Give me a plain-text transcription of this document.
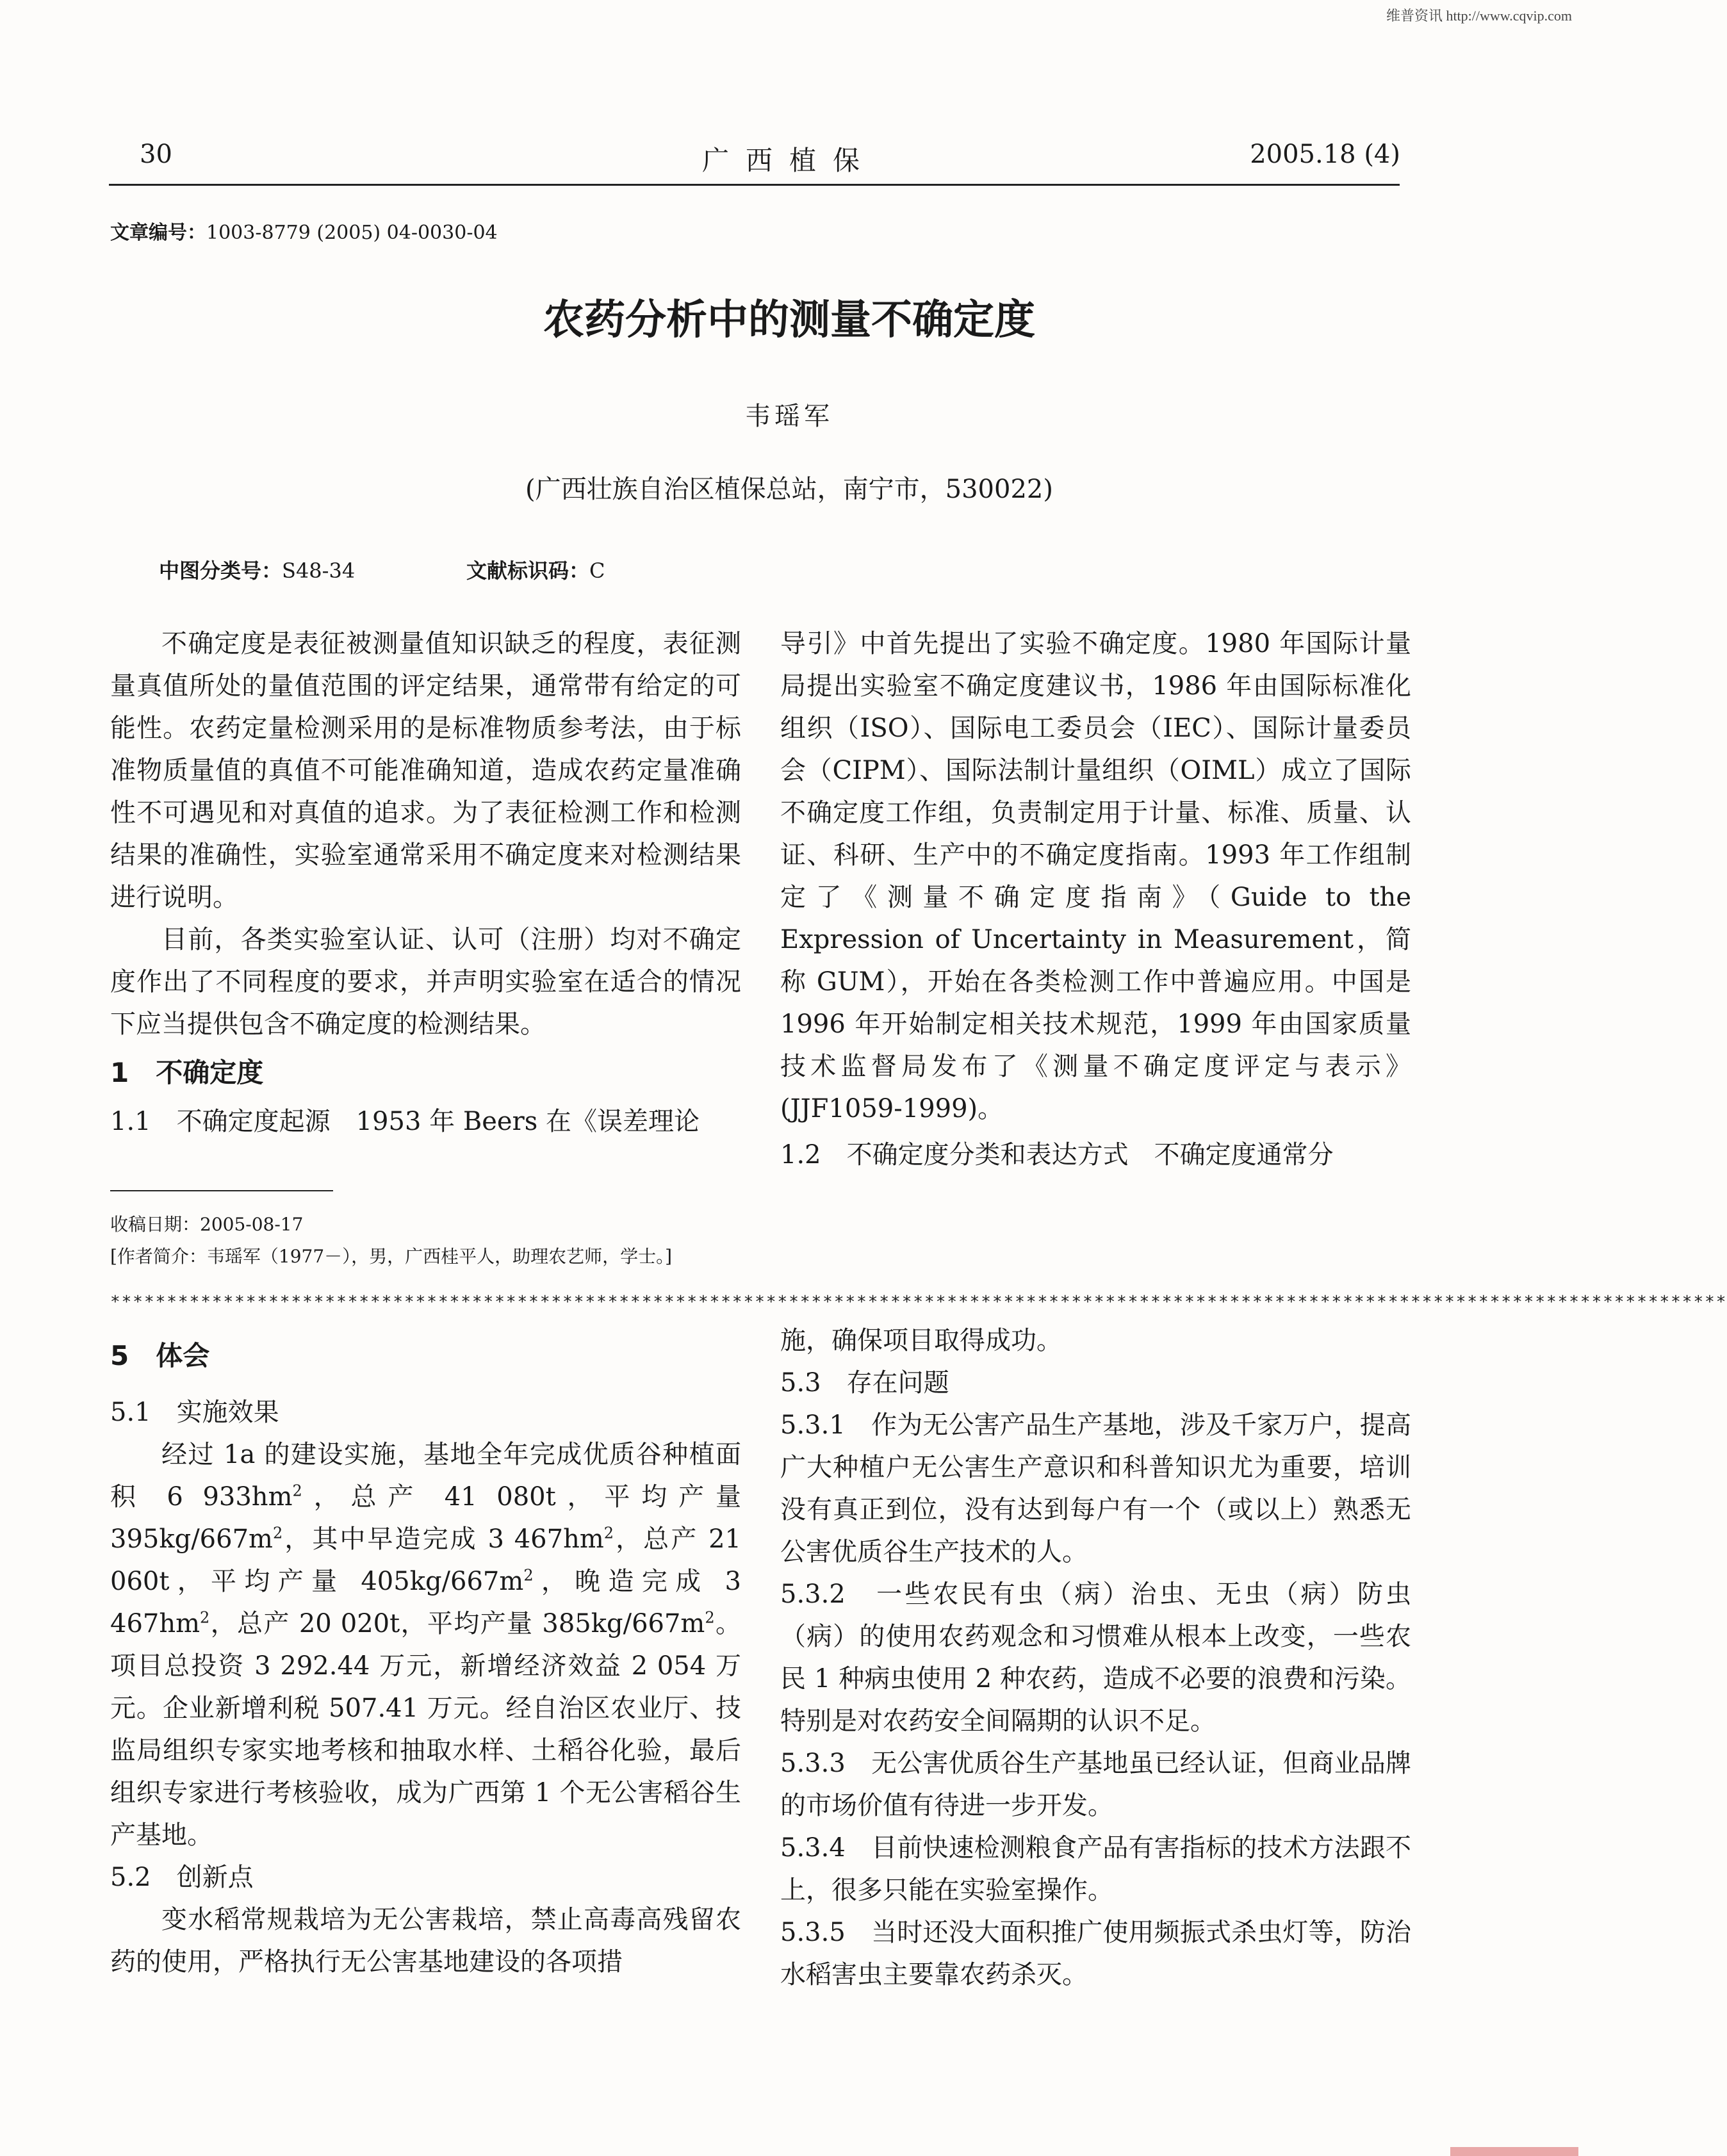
维普资讯 http://www.cqvip.com
30	广西植保	2005.18 (4)
文章编号：1003-8779 (2005) 04-0030-04
农药分析中的测量不确定度
韦瑶军
(广西壮族自治区植保总站，南宁市，530022)
中图分类号：S48-34	文献标识码：C

不确定度是表征被测量值知识缺乏的程度，表征测量真值所处的量值范围的评定结果，通常带有给定的可能性。农药定量检测采用的是标准物质参考法，由于标准物质量值的真值不可能准确知道，造成农药定量准确性不可遇见和对真值的追求。为了表征检测工作和检测结果的准确性，实验室通常采用不确定度来对检测结果进行说明。

目前，各类实验室认证、认可（注册）均对不确定度作出了不同程度的要求，并声明实验室在适合的情况下应当提供包含不确定度的检测结果。

1　不确定度

1.1　不确定度起源　1953 年 Beers 在《误差理论

导引》中首先提出了实验不确定度。1980 年国际计量局提出实验室不确定度建议书，1986 年由国际标准化组织（ISO）、国际电工委员会（IEC）、国际计量委员会（CIPM）、国际法制计量组织（OIML）成立了国际不确定度工作组，负责制定用于计量、标准、质量、认证、科研、生产中的不确定度指南。1993 年工作组制定了《测量不确定度指南》（Guide to the Expression of Uncertainty in Measurement，简称 GUM），开始在各类检测工作中普遍应用。中国是 1996 年开始制定相关技术规范，1999 年由国家质量技术监督局发布了《测量不确定度评定与表示》(JJF1059-1999)。

1.2　不确定度分类和表达方式　不确定度通常分

收稿日期：2005-08-17
[作者简介：韦瑶军（1977－），男，广西桂平人，助理农艺师，学士。]
***********************************************************************************************************************************************
5　体会

5.1　实施效果

经过 1a 的建设实施，基地全年完成优质谷种植面积 6 $933hm^2$，总产 41 080t，平均产量 $395kg/667m^2$，其中早造完成 3 $467hm^2$，总产 21 060t，平均产量 $405kg/667m^2$，晚造完成 3 $467hm^2$，总产 20 020t，平均产量 $385kg/667m^2$。项目总投资 3 292.44 万元，新增经济效益 2 054 万元。企业新增利税 507.41 万元。经自治区农业厅、技监局组织专家实地考核和抽取水样、土稻谷化验，最后组织专家进行考核验收，成为广西第 1 个无公害稻谷生产基地。

5.2　创新点

变水稻常规栽培为无公害栽培，禁止高毒高残留农药的使用，严格执行无公害基地建设的各项措

施，确保项目取得成功。

5.3　存在问题

5.3.1　作为无公害产品生产基地，涉及千家万户，提高广大种植户无公害生产意识和科普知识尤为重要，培训没有真正到位，没有达到每户有一个（或以上）熟悉无公害优质谷生产技术的人。

5.3.2　一些农民有虫（病）治虫、无虫（病）防虫（病）的使用农药观念和习惯难从根本上改变，一些农民 1 种病虫使用 2 种农药，造成不必要的浪费和污染。特别是对农药安全间隔期的认识不足。

5.3.3　无公害优质谷生产基地虽已经认证，但商业品牌的市场价值有待进一步开发。

5.3.4　目前快速检测粮食产品有害指标的技术方法跟不上，很多只能在实验室操作。

5.3.5　当时还没大面积推广使用频振式杀虫灯等，防治水稻害虫主要靠农药杀灭。
